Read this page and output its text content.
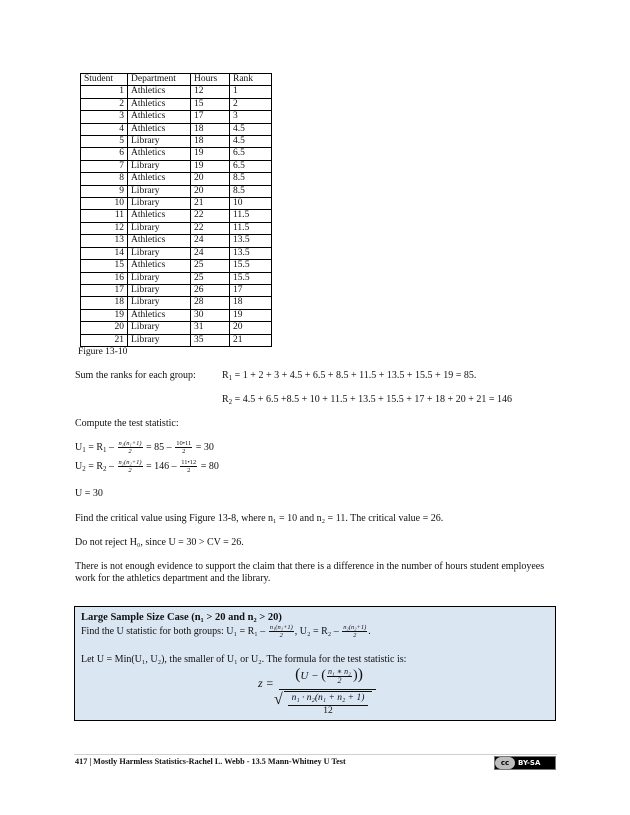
Student	Department	Hours	Rank
1	Athletics	12	1
2	Athletics	15	2
3	Athletics	17	3
4	Athletics	18	4.5
5	Library	18	4.5
6	Athletics	19	6.5
7	Library	19	6.5
8	Athletics	20	8.5
9	Library	20	8.5
10	Library	21	10
11	Athletics	22	11.5
12	Library	22	11.5
13	Athletics	24	13.5
14	Library	24	13.5
15	Athletics	25	15.5
16	Library	25	15.5
17	Library	26	17
18	Library	28	18
19	Athletics	30	19
20	Library	31	20
21	Library	35	21
Figure 13-10
Sum the ranks for each group:	$R_1 = 1 + 2 + 3 + 4.5 + 6.5 + 8.5 + 11.5 + 13.5 + 15.5 + 19 = 85$.
$R_2 = 4.5 + 6.5 +8.5 + 10 + 11.5 + 13.5 + 15.5 + 17 + 18 + 20 + 21 = 146$
Compute the test statistic:
$U_1 = R_1 - \frac{\text{n₁(n₁+1)}}{2} = 85 - \frac{10•11}{2} = 30$
$U_2 = R_2 - \frac{\text{n₂(n₂+1)}}{2} = 146 - \frac{11•12}{2} = 80$
U = 30
Find the critical value using Figure 13-8, where n₁ = 10 and n₂ = 11. The critical value = 26.
Do not reject H₀, since U = 30 > CV = 26.
There is not enough evidence to support the claim that there is a difference in the number of hours student employees
work for the athletics department and the library.
Large Sample Size Case (n₁ > 20 and n₂ > 20)
Find the U statistic for both groups: $U_1 = R_1 - \frac{\text{n₁(n₁+1)}}{2}$ , $U_2 = R_2 - \frac{\text{n₂(n₂+1)}}{2}$ .
Let U = Min(U₁, U₂), the smaller of U₁ or U₂. The formula for the test statistic is:
z =	(U − ( $\frac{\text{n₁ ∗ n₂}}{2}$ ))
√ n₁ · n₂(n₁ + n₂ + 1)
12
417 | Mostly Harmless Statistics-Rachel L. Webb - 13.5 Mann-Whitney U Test	cc BY-SA
